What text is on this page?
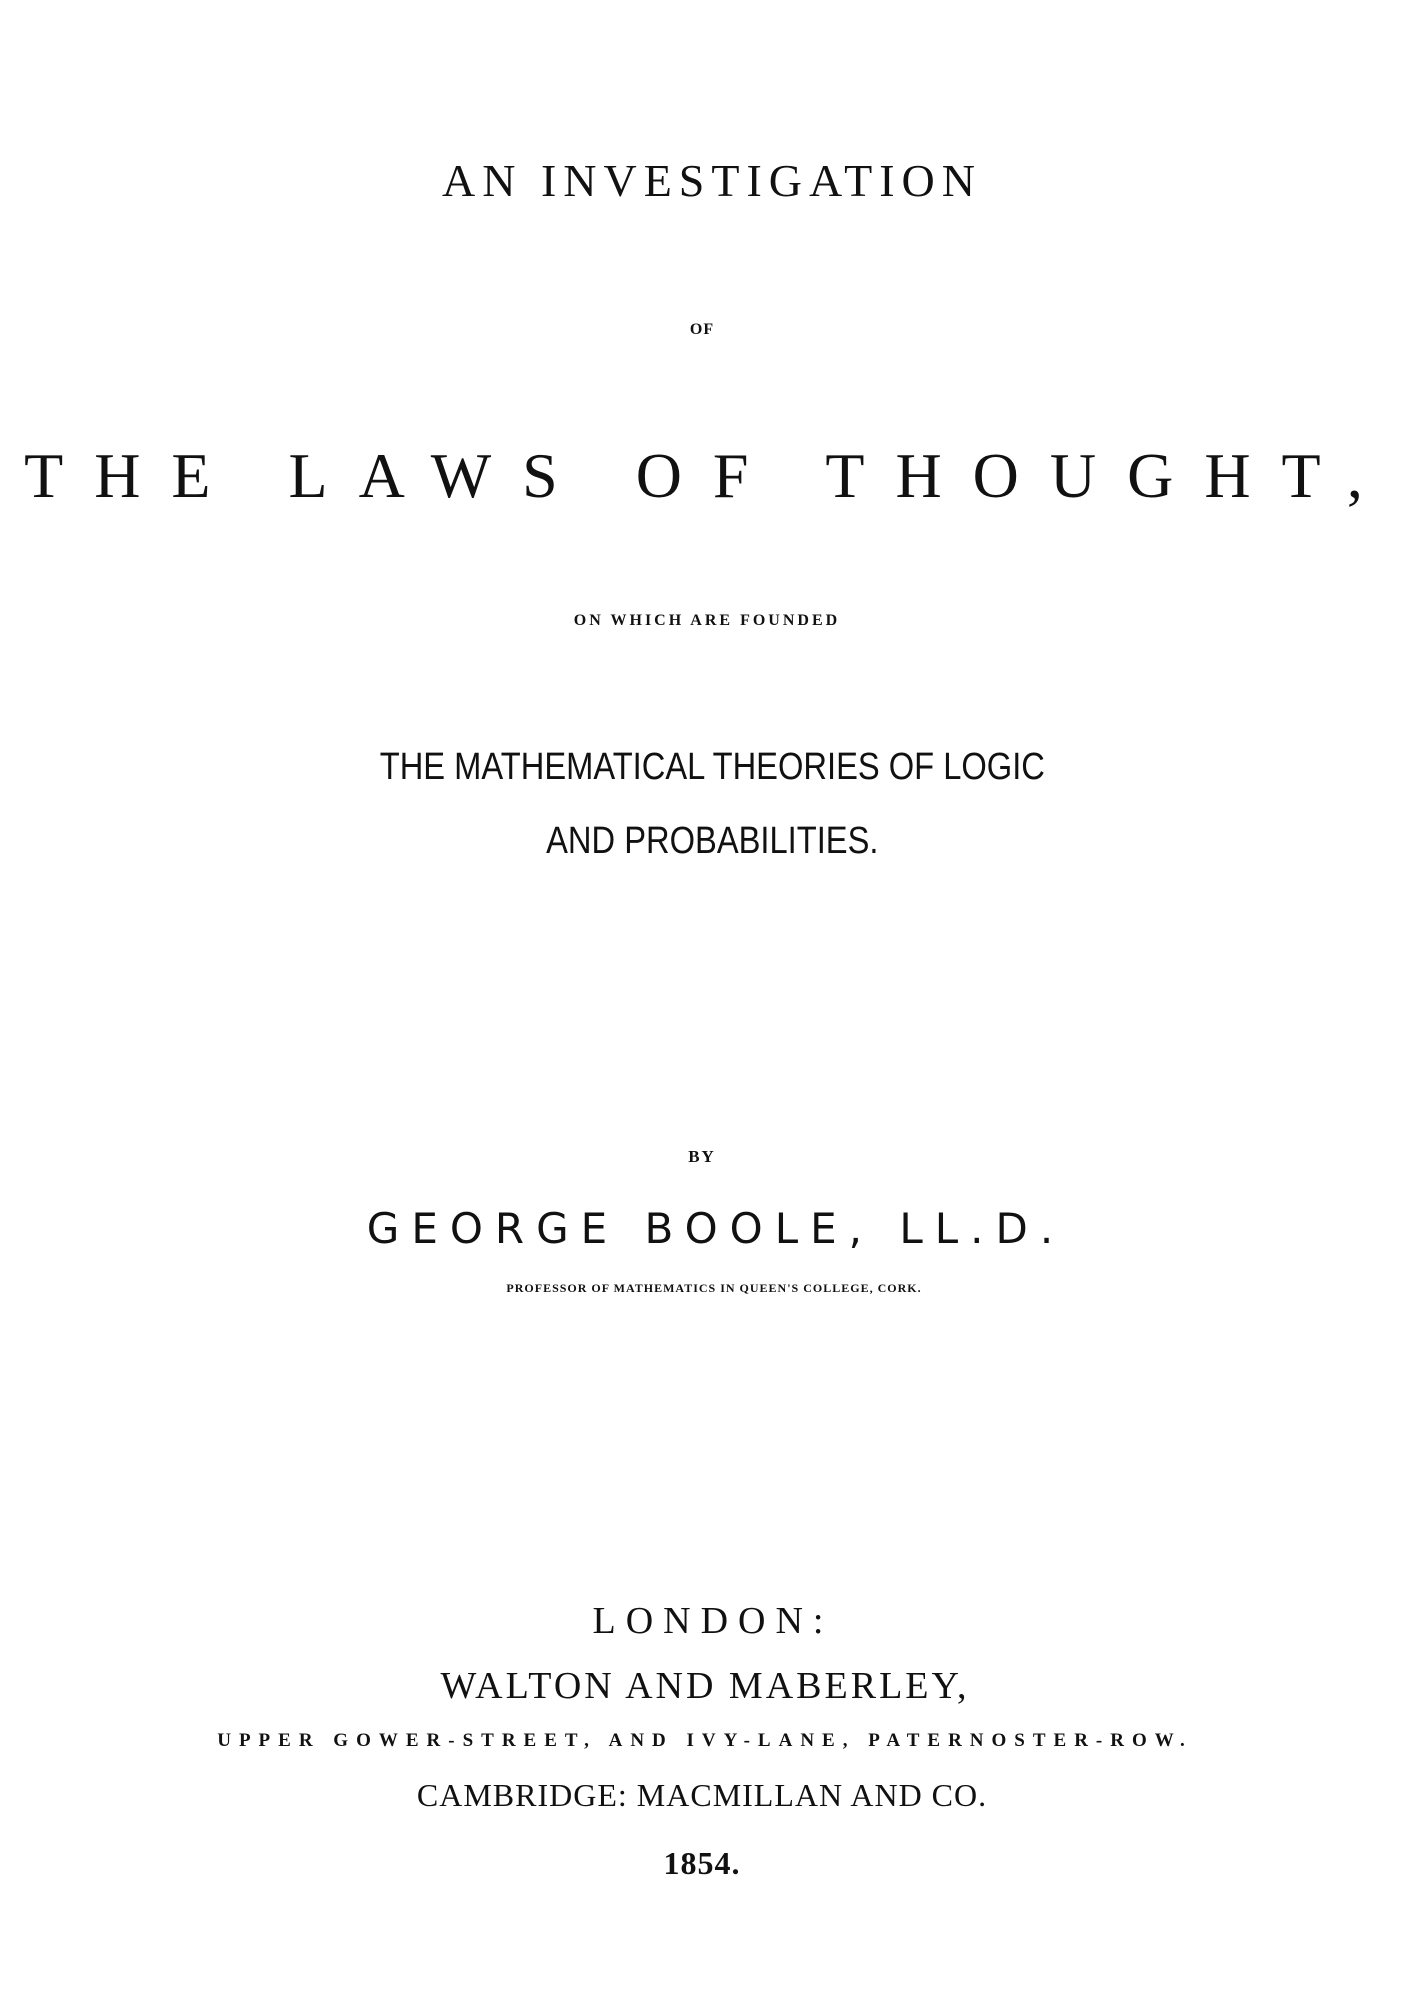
AN INVESTIGATION
OF
THE LAWS OF THOUGHT,
ON WHICH ARE FOUNDED
THE MATHEMATICAL THEORIES OF LOGIC
AND PROBABILITIES.
BY
GEORGE BOOLE, LL.D.
PROFESSOR OF MATHEMATICS IN QUEEN'S COLLEGE, CORK.
LONDON:
WALTON AND MABERLEY,
UPPER GOWER-STREET, AND IVY-LANE, PATERNOSTER-ROW.
CAMBRIDGE: MACMILLAN AND CO.
1854.
